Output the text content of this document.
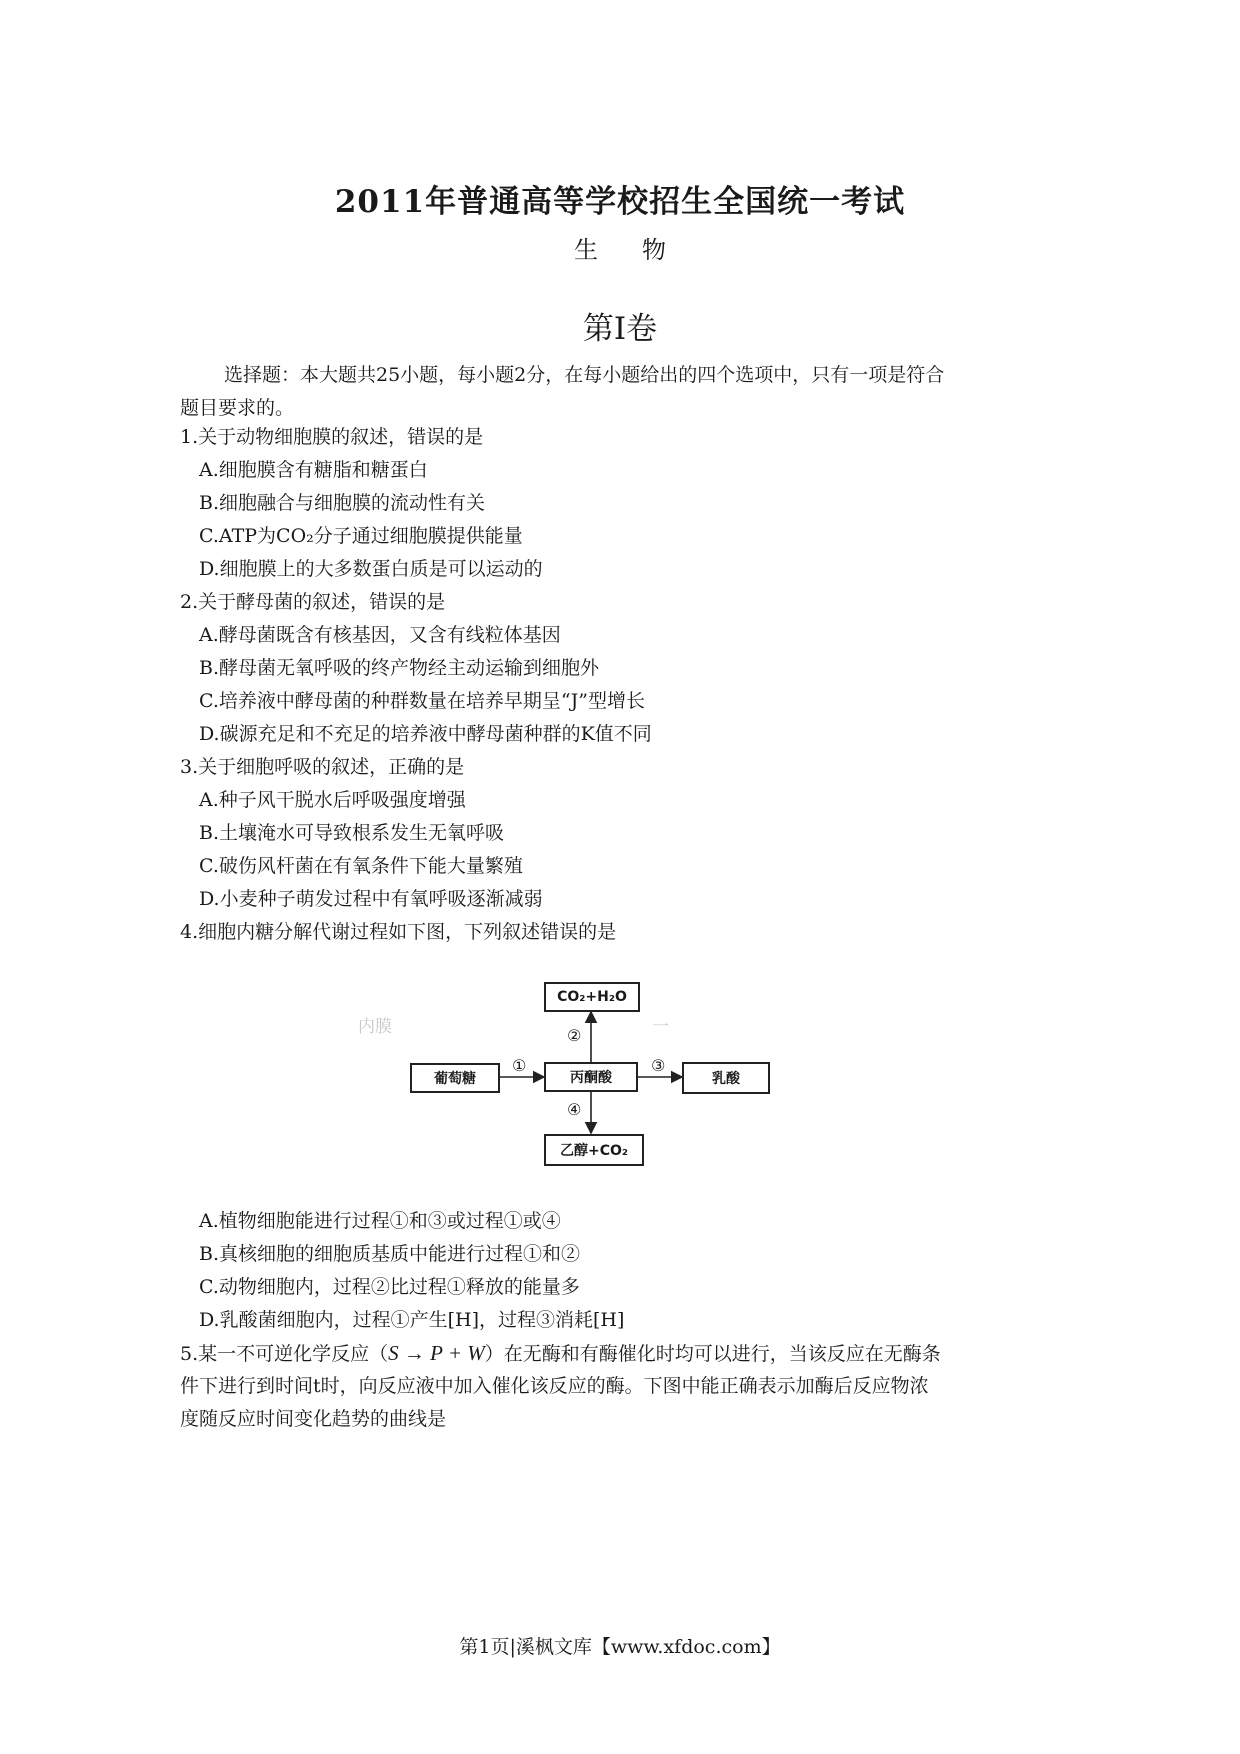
2011年普通高等学校招生全国统一考试
生 物
第I卷
选择题：本大题共25小题，每小题2分，在每小题给出的四个选项中，只有一项是符合
题目要求的。
1.关于动物细胞膜的叙述，错误的是
A.细胞膜含有糖脂和糖蛋白
B.细胞融合与细胞膜的流动性有关
C.ATP为CO₂分子通过细胞膜提供能量
D.细胞膜上的大多数蛋白质是可以运动的
2.关于酵母菌的叙述，错误的是
A.酵母菌既含有核基因，又含有线粒体基因
B.酵母菌无氧呼吸的终产物经主动运输到细胞外
C.培养液中酵母菌的种群数量在培养早期呈“J”型增长
D.碳源充足和不充足的培养液中酵母菌种群的K值不同
3.关于细胞呼吸的叙述，正确的是
A.种子风干脱水后呼吸强度增强
B.土壤淹水可导致根系发生无氧呼吸
C.破伤风杆菌在有氧条件下能大量繁殖
D.小麦种子萌发过程中有氧呼吸逐渐减弱
4.细胞内糖分解代谢过程如下图，下列叙述错误的是
内膜	一
CO₂+H₂O
葡萄糖	丙酮酸	乳酸
乙醇+CO₂
①
②
③
④
A.植物细胞能进行过程①和③或过程①或④
B.真核细胞的细胞质基质中能进行过程①和②
C.动物细胞内，过程②比过程①释放的能量多
D.乳酸菌细胞内，过程①产生[H]，过程③消耗[H]
5.某一不可逆化学反应（S → P + W）在无酶和有酶催化时均可以进行，当该反应在无酶条
件下进行到时间t时，向反应液中加入催化该反应的酶。下图中能正确表示加酶后反应物浓
度随反应时间变化趋势的曲线是
第1页|溪枫文库【www.xfdoc.com】
